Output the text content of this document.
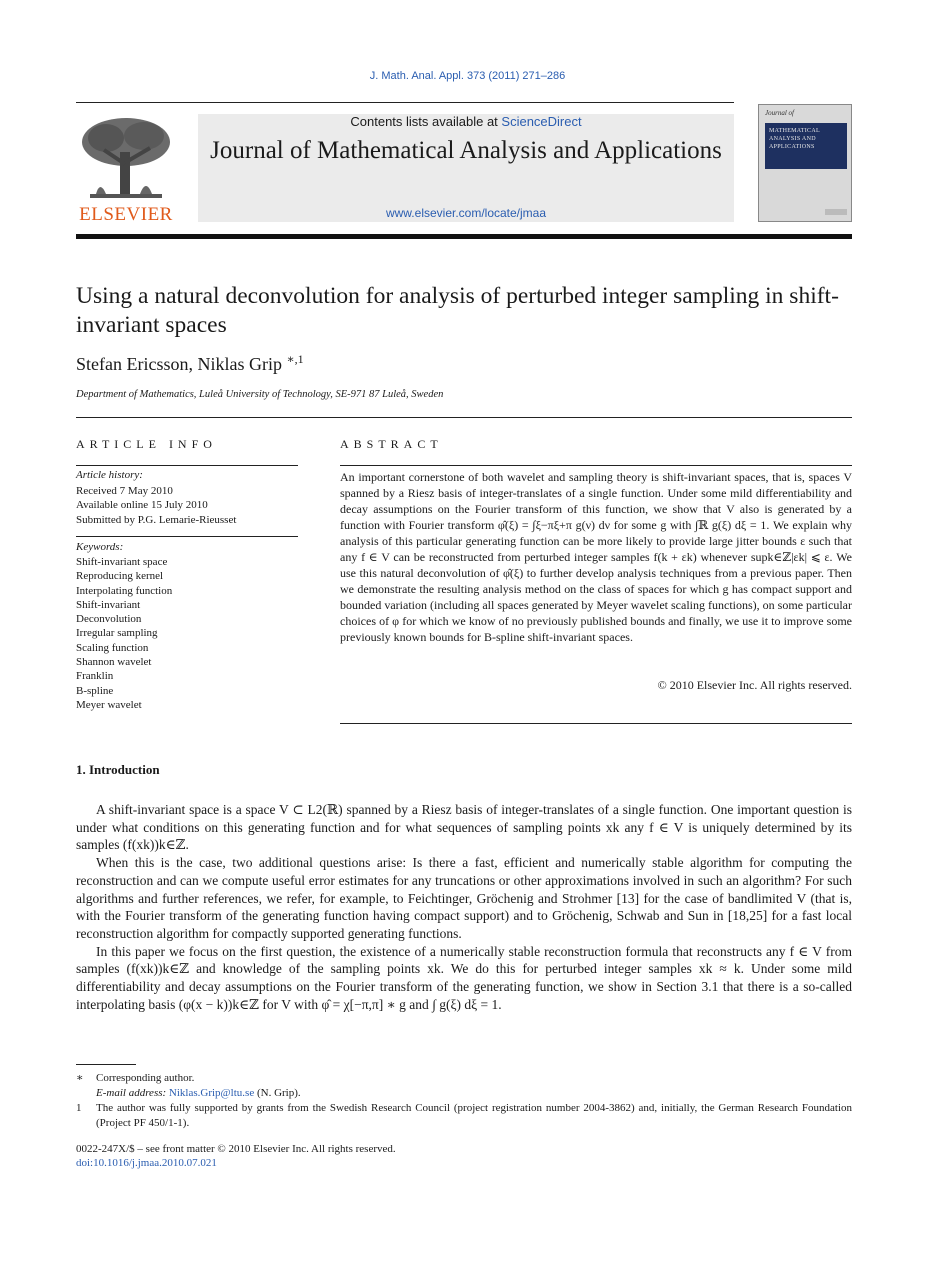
J. Math. Anal. Appl. 373 (2011) 271–286
ELSEVIER
Contents lists available at ScienceDirect
Journal of Mathematical Analysis and Applications
www.elsevier.com/locate/jmaa
Journal of
MATHEMATICAL ANALYSIS AND APPLICATIONS
Using a natural deconvolution for analysis of perturbed integer sampling in shift-invariant spaces
Stefan Ericsson, Niklas Grip $^{∗,1}$
Department of Mathematics, Luleå University of Technology, SE-971 87 Luleå, Sweden
ARTICLE INFO	ABSTRACT
Article history:
Received 7 May 2010
Available online 15 July 2010
Submitted by P.G. Lemarie-Rieusset
Keywords:
Shift-invariant space
Reproducing kernel
Interpolating function
Shift-invariant
Deconvolution
Irregular sampling
Scaling function
Shannon wavelet
Franklin
B-spline
Meyer wavelet
An important cornerstone of both wavelet and sampling theory is shift-invariant spaces, that is, spaces V spanned by a Riesz basis of integer-translates of a single function. Under some mild differentiability and decay assumptions on the Fourier transform of this function, we show that V also is generated by a function with Fourier transform φ̂(ξ) = ∫ξ−πξ+π g(ν) dν for some g with ∫ℝ g(ξ) dξ = 1. We explain why analysis of this particular generating function can be more likely to provide large jitter bounds ε such that any f ∈ V can be reconstructed from perturbed integer samples f(k + εk) whenever supk∈ℤ|εk| ⩽ ε. We use this natural deconvolution of φ̂(ξ) to further develop analysis techniques from a previous paper. Then we demonstrate the resulting analysis method on the class of spaces for which g has compact support and bounded variation (including all spaces generated by Meyer wavelet scaling functions), on some particular choices of φ for which we know of no previously published bounds and finally, we use it to improve some previously known bounds for B-spline shift-invariant spaces.
© 2010 Elsevier Inc. All rights reserved.
1. Introduction

A shift-invariant space is a space V ⊂ L2(ℝ) spanned by a Riesz basis of integer-translates of a single function. One important question is under what conditions on this generating function and for what sequences of sampling points xk any f ∈ V is uniquely determined by its samples (f(xk))k∈ℤ.

When this is the case, two additional questions arise: Is there a fast, efficient and numerically stable algorithm for computing the reconstruction and can we compute useful error estimates for any truncations or other approximations involved in such an algorithm? For such algorithms and further references, we refer, for example, to Feichtinger, Gröchenig and Strohmer [13] for the case of bandlimited V (that is, with the Fourier transform of the generating function having compact support) and to Gröchenig, Schwab and Sun in [18,25] for a fast local reconstruction algorithm for compactly supported generating functions.

In this paper we focus on the first question, the existence of a numerically stable reconstruction formula that reconstructs any f ∈ V from samples (f(xk))k∈ℤ and knowledge of the sampling points xk. We do this for perturbed integer samples xk ≈ k. Under some mild differentiability and decay assumptions on the Fourier transform of the generating function, we show in Section 3.1 that there is a so-called interpolating basis (φ(x − k))k∈ℤ for V with φ̂ = χ[−π,π] ∗ g and ∫ g(ξ) dξ = 1.

∗	Corresponding author.
E-mail address: Niklas.Grip@ltu.se (N. Grip).
1	The author was fully supported by grants from the Swedish Research Council (project registration number 2004-3862) and, initially, the German Research Foundation (Project PF 450/1-1).
0022-247X/$ – see front matter © 2010 Elsevier Inc. All rights reserved.
doi:10.1016/j.jmaa.2010.07.021
